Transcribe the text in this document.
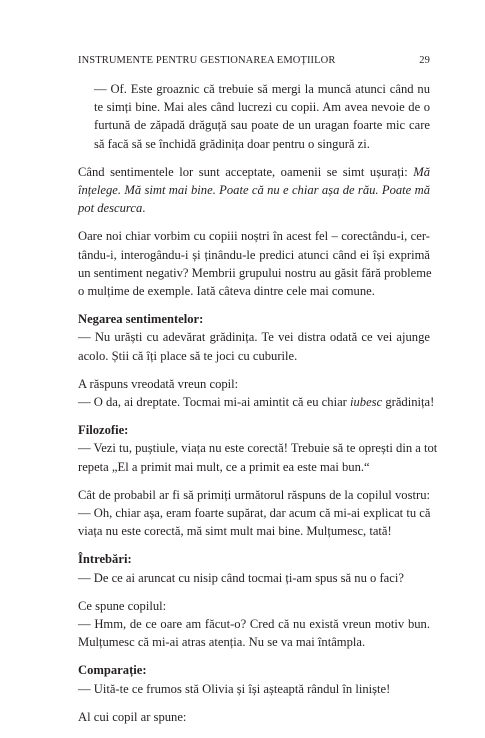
INSTRUMENTE PENTRU GESTIONAREA EMOȚIILOR	29
— Of. Este groaznic că trebuie să mergi la muncă atunci când nu
te simți bine. Mai ales când lucrezi cu copii. Am avea nevoie de o
furtună de zăpadă drăguță sau poate de un uragan foarte mic care
să facă să se închidă grădinița doar pentru o singură zi.
Când sentimentele lor sunt acceptate, oamenii se simt ușurați: Mă
înțelege. Mă simt mai bine. Poate că nu e chiar așa de rău. Poate mă
pot descurca.
Oare noi chiar vorbim cu copiii noștri în acest fel – corectându-i, cer-
tându-i, interogându-i și ținându-le predici atunci când ei își exprimă
un sentiment negativ? Membrii grupului nostru au găsit fără probleme
o mulțime de exemple. Iată câteva dintre cele mai comune.
Negarea sentimentelor:
— Nu urăști cu adevărat grădinița. Te vei distra odată ce vei ajunge
acolo. Știi că îți place să te joci cu cuburile.
A răspuns vreodată vreun copil:
— O da, ai dreptate. Tocmai mi-ai amintit că eu chiar iubesc grădinița!
Filozofie:
— Vezi tu, puștiule, viața nu este corectă! Trebuie să te oprești din a tot
repeta „El a primit mai mult, ce a primit ea este mai bun.“
Cât de probabil ar fi să primiți următorul răspuns de la copilul vostru:
— Oh, chiar așa, eram foarte supărat, dar acum că mi-ai explicat tu că
viața nu este corectă, mă simt mult mai bine. Mulțumesc, tată!
Întrebări:
— De ce ai aruncat cu nisip când tocmai ți-am spus să nu o faci?
Ce spune copilul:
— Hmm, de ce oare am făcut-o? Cred că nu există vreun motiv bun.
Mulțumesc că mi-ai atras atenția. Nu se va mai întâmpla.
Comparație:
— Uită-te ce frumos stă Olivia și își așteaptă rândul în liniște!
Al cui copil ar spune:
